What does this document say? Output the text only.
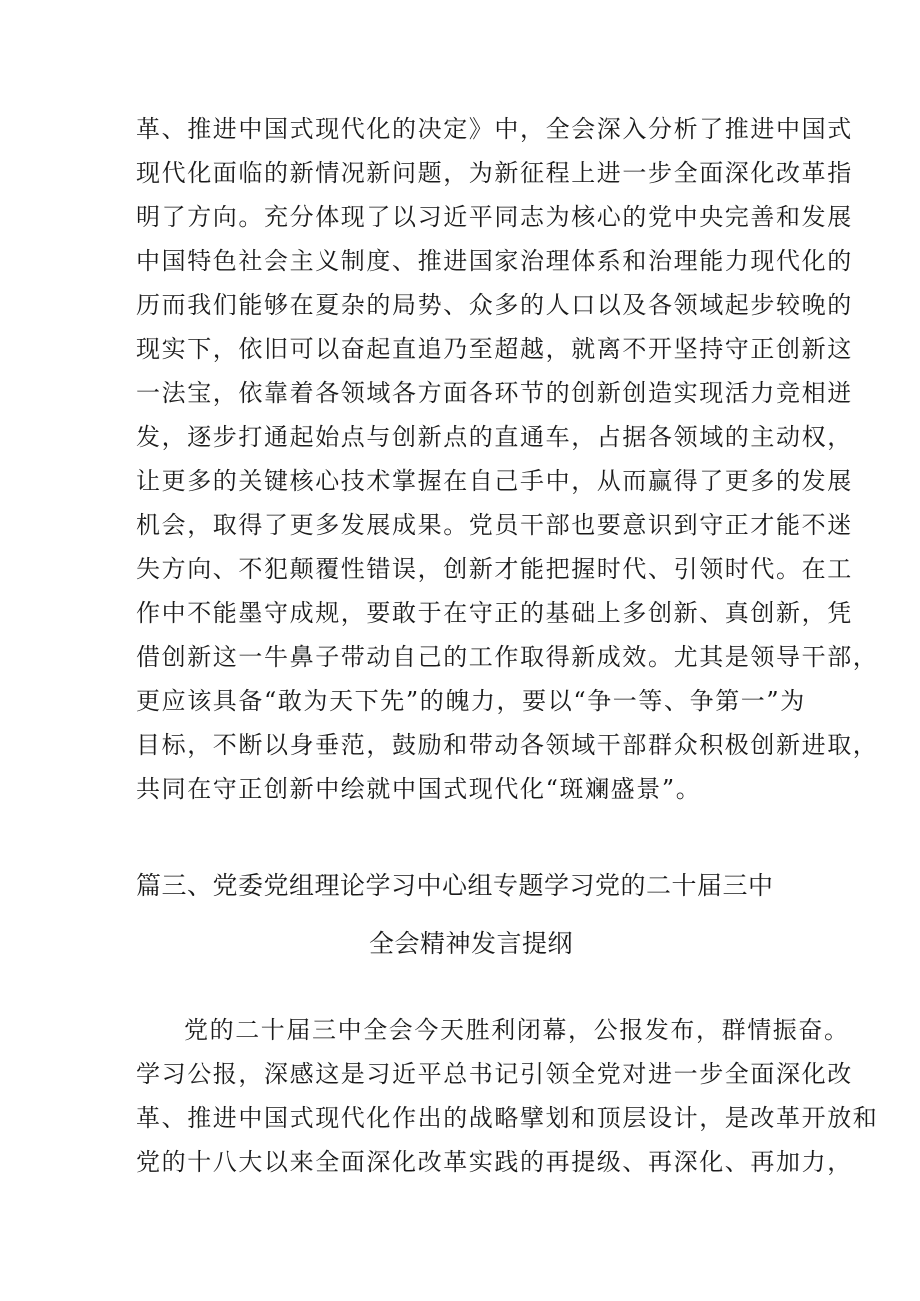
革、推进中国式现代化的决定》中，全会深入分析了推进中国式
现代化面临的新情况新问题，为新征程上进一步全面深化改革指
明了方向。充分体现了以习近平同志为核心的党中央完善和发展
中国特色社会主义制度、推进国家治理体系和治理能力现代化的
历而我们能够在夏杂的局势、众多的人口以及各领域起步较晚的
现实下，依旧可以奋起直追乃至超越，就离不开坚持守正创新这
一法宝，依靠着各领域各方面各环节的创新创造实现活力竞相迸
发，逐步打通起始点与创新点的直通车，占据各领域的主动权，
让更多的关键核心技术掌握在自己手中，从而赢得了更多的发展
机会，取得了更多发展成果。党员干部也要意识到守正才能不迷
失方向、不犯颠覆性错误，创新才能把握时代、引领时代。在工
作中不能墨守成规，要敢于在守正的基础上多创新、真创新，凭
借创新这一牛鼻子带动自己的工作取得新成效。尤其是领导干部，
更应该具备“敢为天下先”的魄力，要以“争一等、争第一”为
目标，不断以身垂范，鼓励和带动各领域干部群众积极创新进取，
共同在守正创新中绘就中国式现代化“斑斓盛景”。
篇三、党委党组理论学习中心组专题学习党的二十届三中
全会精神发言提纲
党的二十届三中全会今天胜利闭幕，公报发布，群情振奋。
学习公报，深感这是习近平总书记引领全党对进一步全面深化改
革、推进中国式现代化作出的战略擘划和顶层设计，是改革开放和
党的十八大以来全面深化改革实践的再提级、再深化、再加力，
